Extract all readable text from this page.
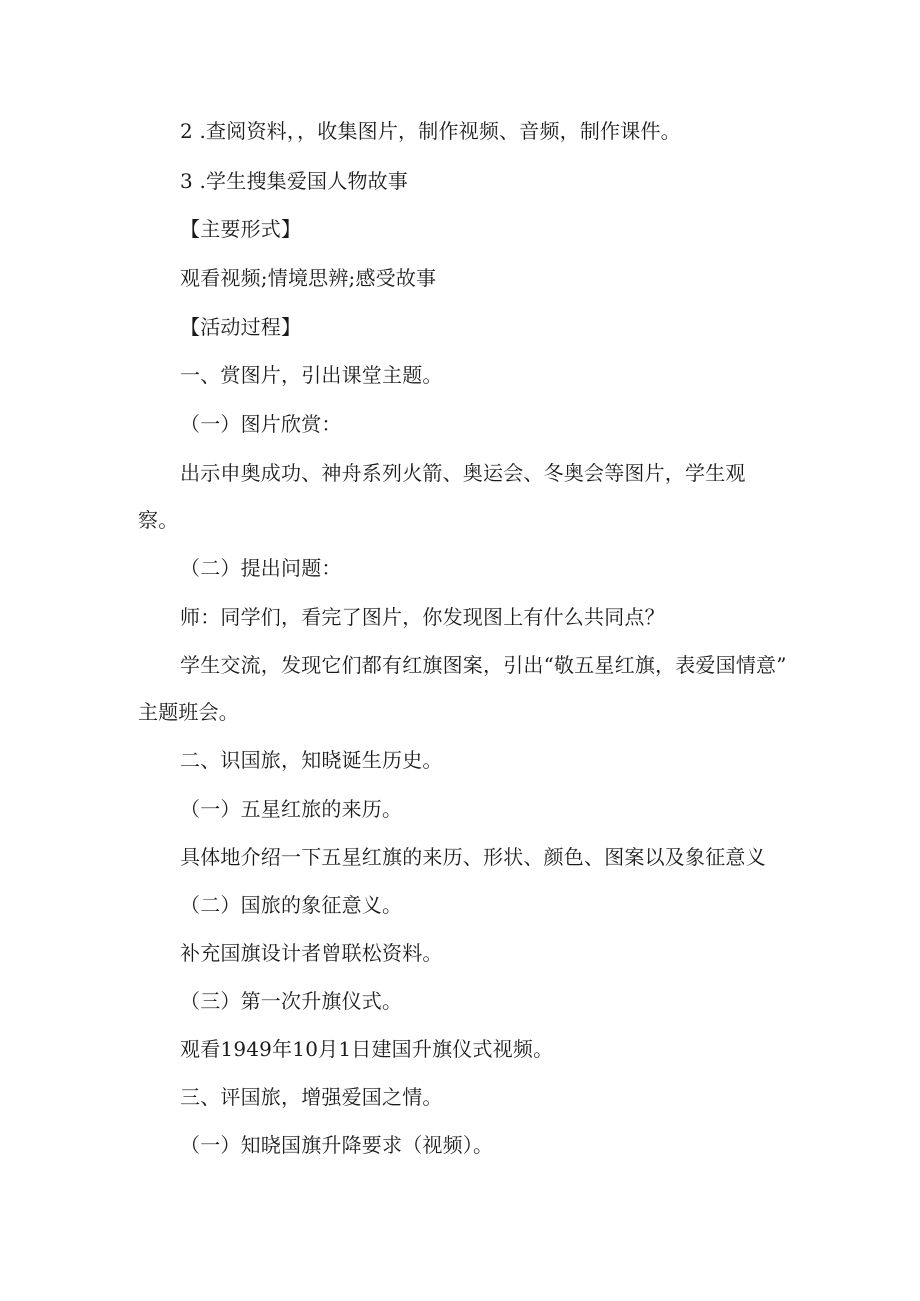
2 .查阅资料，，收集图片，制作视频、音频，制作课件。
3 .学生搜集爱国人物故事
【主要形式】
观看视频;情境思辨;感受故事
【活动过程】
一、赏图片，引出课堂主题。
（一）图片欣赏：
出示申奥成功、神舟系列火箭、奥运会、冬奥会等图片，学生观
察。
（二）提出问题：
师：同学们，看完了图片，你发现图上有什么共同点？
学生交流，发现它们都有红旗图案，引出“敬五星红旗，表爱国情意”
主题班会。
二、识国旅，知晓诞生历史。
（一）五星红旅的来历。
具体地介绍一下五星红旗的来历、形状、颜色、图案以及象征意义
（二）国旅的象征意义。
补充国旗设计者曾联松资料。
（三）第一次升旗仪式。
观看1949年10月1日建国升旗仪式视频。
三、评国旅，增强爱国之情。
（一）知晓国旗升降要求（视频）。
